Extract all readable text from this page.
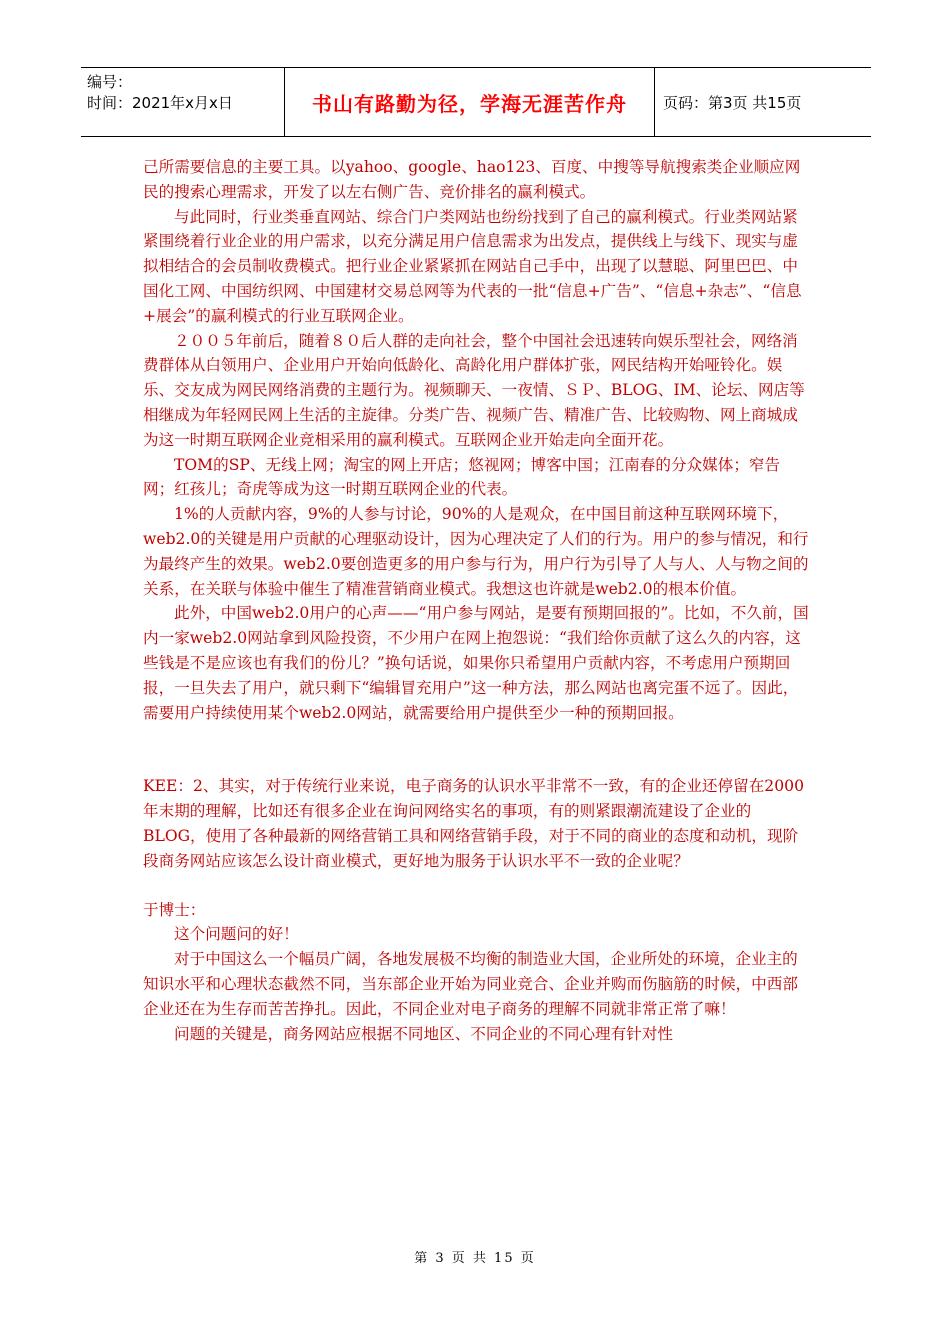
编号：
时间：2021年x月x日	书山有路勤为径，学海无涯苦作舟	页码：第3页 共15页

己所需要信息的主要工具。以yahoo、google、hao123、百度、中搜等导航搜索类企业顺应网民的搜索心理需求，开发了以左右侧广告、竞价排名的赢利模式。

与此同时，行业类垂直网站、综合门户类网站也纷纷找到了自己的赢利模式。行业类网站紧紧围绕着行业企业的用户需求，以充分满足用户信息需求为出发点，提供线上与线下、现实与虚拟相结合的会员制收费模式。把行业企业紧紧抓在网站自己手中，出现了以慧聪、阿里巴巴、中国化工网、中国纺织网、中国建材交易总网等为代表的一批“信息+广告”、“信息+杂志”、“信息+展会”的赢利模式的行业互联网企业。

２００５年前后，随着８０后人群的走向社会，整个中国社会迅速转向娱乐型社会，网络消费群体从白领用户、企业用户开始向低龄化、高龄化用户群体扩张，网民结构开始哑铃化。娱乐、交友成为网民网络消费的主题行为。视频聊天、一夜情、ＳＰ、BLOG、IM、论坛、网店等相继成为年轻网民网上生活的主旋律。分类广告、视频广告、精准广告、比较购物、网上商城成为这一时期互联网企业竞相采用的赢利模式。互联网企业开始走向全面开花。

TOM的SP、无线上网；淘宝的网上开店；悠视网；博客中国；江南春的分众媒体；窄告网；红孩儿；奇虎等成为这一时期互联网企业的代表。

1%的人贡献内容，9%的人参与讨论，90%的人是观众，在中国目前这种互联网环境下，web2.0的关键是用户贡献的心理驱动设计，因为心理决定了人们的行为。用户的参与情况，和行为最终产生的效果。web2.0要创造更多的用户参与行为，用户行为引导了人与人、人与物之间的关系，在关联与体验中催生了精准营销商业模式。我想这也许就是web2.0的根本价值。

此外，中国web2.0用户的心声——“用户参与网站，是要有预期回报的”。比如，不久前，国内一家web2.0网站拿到风险投资，不少用户在网上抱怨说：“我们给你贡献了这么久的内容，这些钱是不是应该也有我们的份儿？”换句话说，如果你只希望用户贡献内容，不考虑用户预期回报，一旦失去了用户，就只剩下“编辑冒充用户”这一种方法，那么网站也离完蛋不远了。因此，需要用户持续使用某个web2.0网站，就需要给用户提供至少一种的预期回报。

KEE：2、其实，对于传统行业来说，电子商务的认识水平非常不一致，有的企业还停留在2000年末期的理解，比如还有很多企业在询问网络实名的事项，有的则紧跟潮流建设了企业的BLOG，使用了各种最新的网络营销工具和网络营销手段，对于不同的商业的态度和动机，现阶段商务网站应该怎么设计商业模式，更好地为服务于认识水平不一致的企业呢？

于博士：

这个问题问的好！

对于中国这么一个幅员广阔，各地发展极不均衡的制造业大国，企业所处的环境，企业主的知识水平和心理状态截然不同，当东部企业开始为同业竞合、企业并购而伤脑筋的时候，中西部企业还在为生存而苦苦挣扎。因此，不同企业对电子商务的理解不同就非常正常了嘛！

问题的关键是，商务网站应根据不同地区、不同企业的不同心理有针对性

第 3 页 共 15 页
